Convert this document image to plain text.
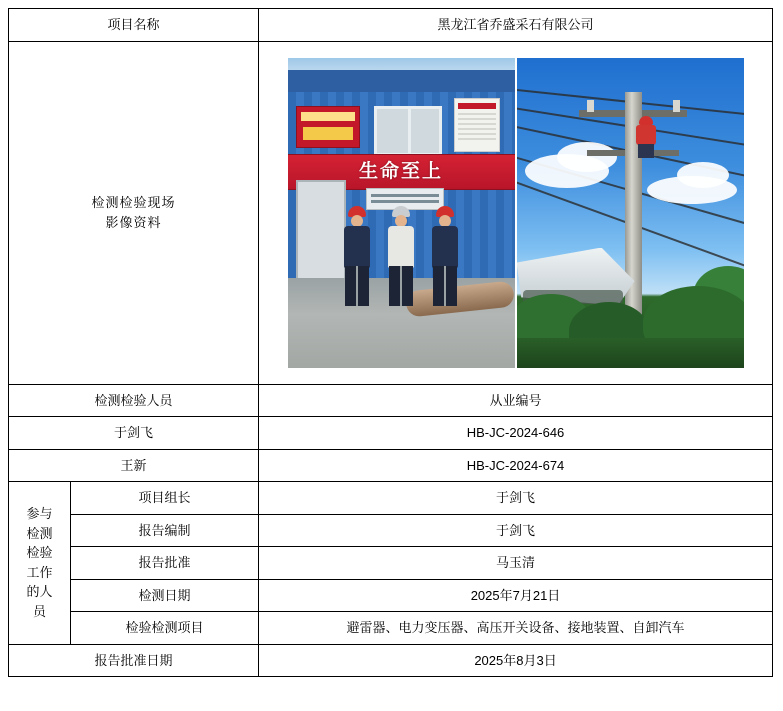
项目名称		黑龙江省乔盛采石有限公司

检测检验现场
影像资料		生命至上

检测检验人员		从业编号
于剑飞		HB-JC-2024-646
王新		HB-JC-2024-674

参与
检测
检验
工作
的人
员
	项目组长	于剑飞
	报告编制	于剑飞
	报告批准	马玉清
	检测日期	2025年7月21日
	检验检测项目	避雷器、电力变压器、高压开关设备、接地装置、自卸汽车
报告批准日期		2025年8月3日
